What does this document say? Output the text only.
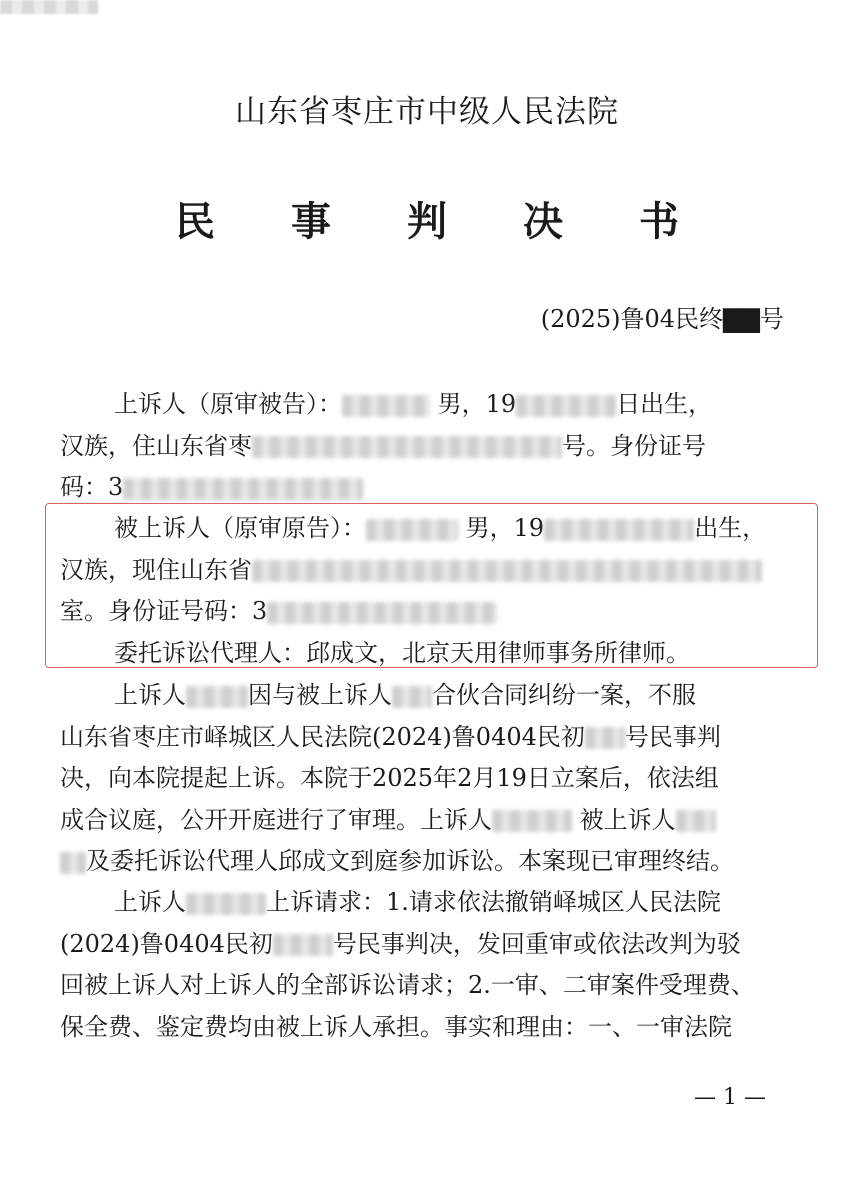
山东省枣庄市中级人民法院
民事判决书
(2025)鲁04民终▇▇号
上诉人（原审被告）：	男，19	日出生，
汉族，住山东省枣	号。身份证号
码：3
被上诉人（原审原告）：	男，19	出生，
汉族，现住山东省
室。身份证号码：3
委托诉讼代理人：邱成文，北京天用律师事务所律师。
上诉人	因与被上诉人 合伙合同纠纷一案，不服
山东省枣庄市峄城区人民法院(2024)鲁0404民初 号民事判
决，向本院提起上诉。本院于2025年2月19日立案后，依法组
成合议庭，公开开庭进行了审理。上诉人	被上诉人
及委托诉讼代理人邱成文到庭参加诉讼。本案现已审理终结。
上诉人	上诉请求：1.请求依法撤销峄城区人民法院
(2024)鲁0404民初	号民事判决，发回重审或依法改判为驳
回被上诉人对上诉人的全部诉讼请求；2.一审、二审案件受理费、
保全费、鉴定费均由被上诉人承担。事实和理由：一、一审法院
— 1 —
